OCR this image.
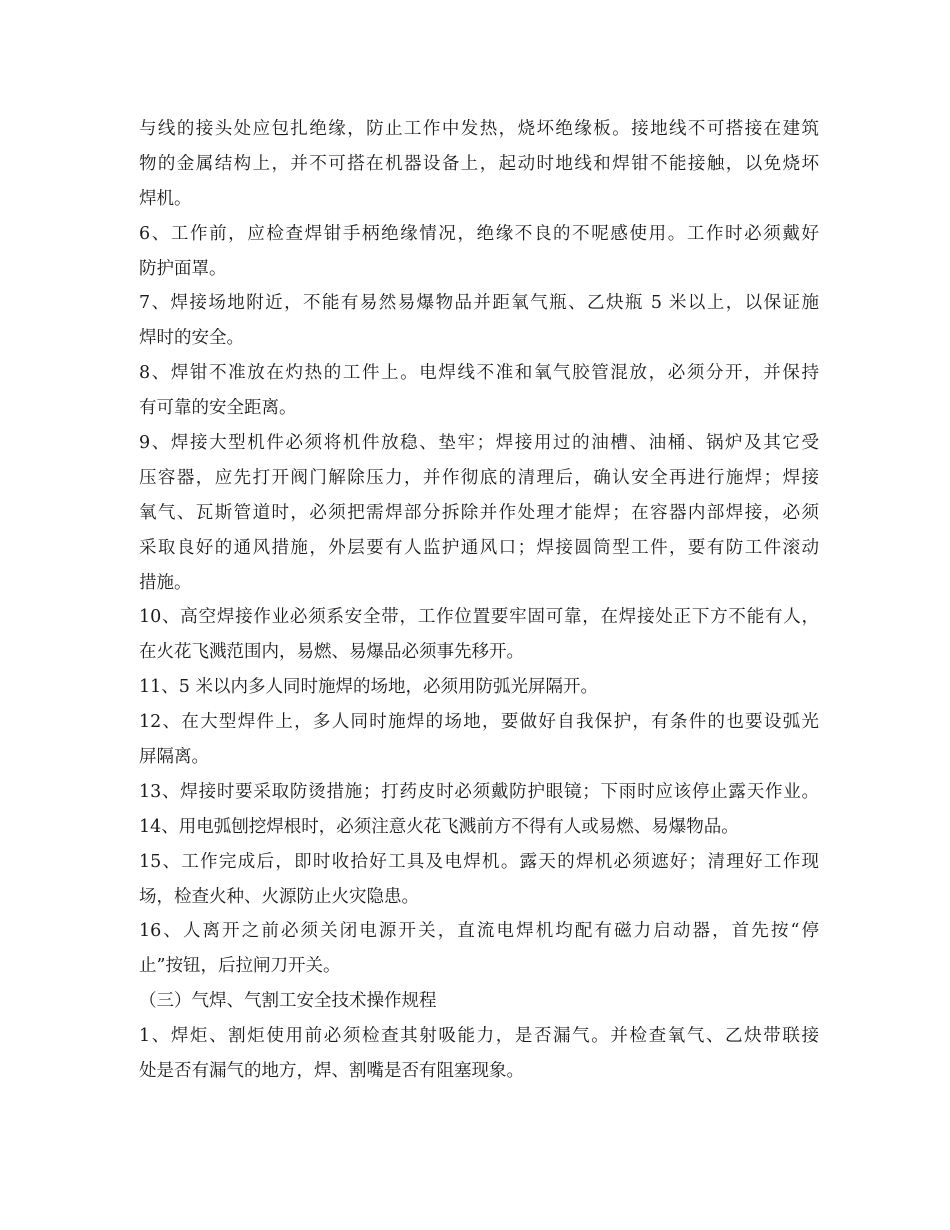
与线的接头处应包扎绝缘，防止工作中发热，烧坏绝缘板。接地线不可搭接在建筑
物的金属结构上，并不可搭在机器设备上，起动时地线和焊钳不能接触，以免烧坏
焊机。
6、工作前，应检查焊钳手柄绝缘情况，绝缘不良的不呢感使用。工作时必须戴好
防护面罩。
7、焊接场地附近，不能有易然易爆物品并距氧气瓶、乙炔瓶 5 米以上，以保证施
焊时的安全。
8、焊钳不准放在灼热的工件上。电焊线不准和氧气胶管混放，必须分开，并保持
有可靠的安全距离。
9、焊接大型机件必须将机件放稳、垫牢；焊接用过的油槽、油桶、锅炉及其它受
压容器，应先打开阀门解除压力，并作彻底的清理后，确认安全再进行施焊；焊接
氧气、瓦斯管道时，必须把需焊部分拆除并作处理才能焊；在容器内部焊接，必须
采取良好的通风措施，外层要有人监护通风口；焊接圆筒型工件，要有防工件滚动
措施。
10、高空焊接作业必须系安全带，工作位置要牢固可靠，在焊接处正下方不能有人，
在火花飞溅范围内，易燃、易爆品必须事先移开。
11、5 米以内多人同时施焊的场地，必须用防弧光屏隔开。
12、在大型焊件上，多人同时施焊的场地，要做好自我保护，有条件的也要设弧光
屏隔离。
13、焊接时要采取防烫措施；打药皮时必须戴防护眼镜；下雨时应该停止露天作业。
14、用电弧刨挖焊根时，必须注意火花飞溅前方不得有人或易燃、易爆物品。
15、工作完成后，即时收拾好工具及电焊机。露天的焊机必须遮好；清理好工作现
场，检查火种、火源防止火灾隐患。
16、人离开之前必须关闭电源开关，直流电焊机均配有磁力启动器，首先按“停
止”按钮，后拉闸刀开关。
（三）气焊、气割工安全技术操作规程
1、焊炬、割炬使用前必须检查其射吸能力，是否漏气。并检查氧气、乙炔带联接
处是否有漏气的地方，焊、割嘴是否有阻塞现象。
